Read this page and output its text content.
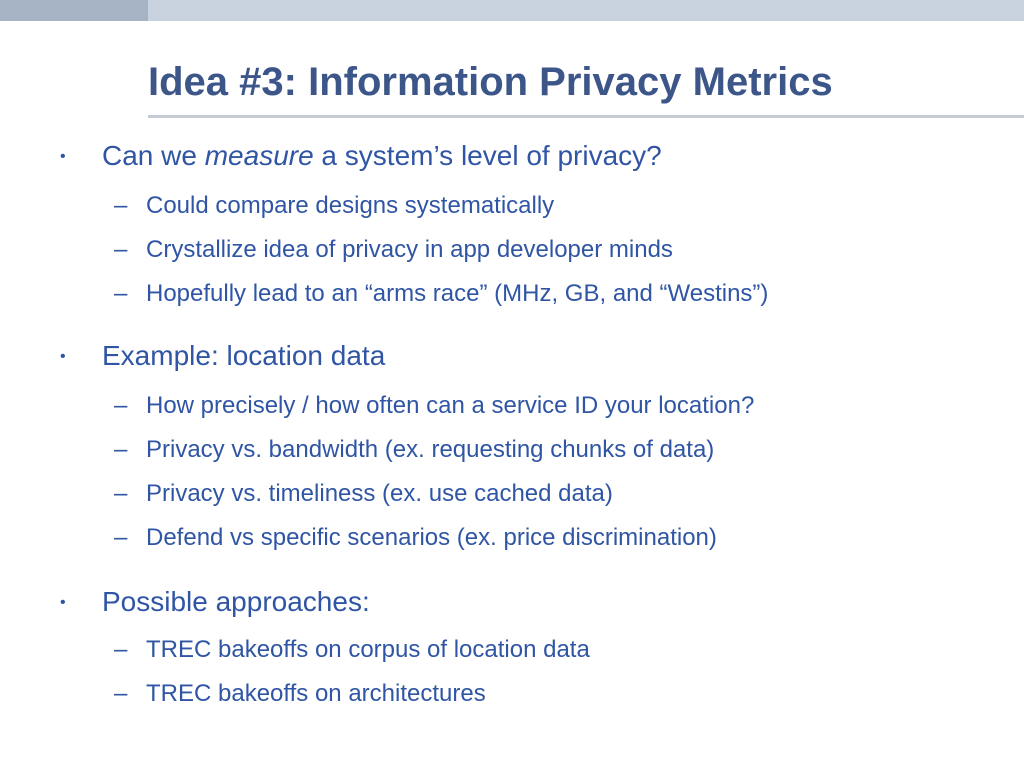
Idea #3: Information Privacy Metrics
• Can we measure a system’s level of privacy?
– Could compare designs systematically
– Crystallize idea of privacy in app developer minds
– Hopefully lead to an “arms race” (MHz, GB, and “Westins”)
• Example: location data
– How precisely / how often can a service ID your location?
– Privacy vs. bandwidth (ex. requesting chunks of data)
– Privacy vs. timeliness (ex. use cached data)
– Defend vs specific scenarios (ex. price discrimination)
• Possible approaches:
– TREC bakeoffs on corpus of location data
– TREC bakeoffs on architectures
